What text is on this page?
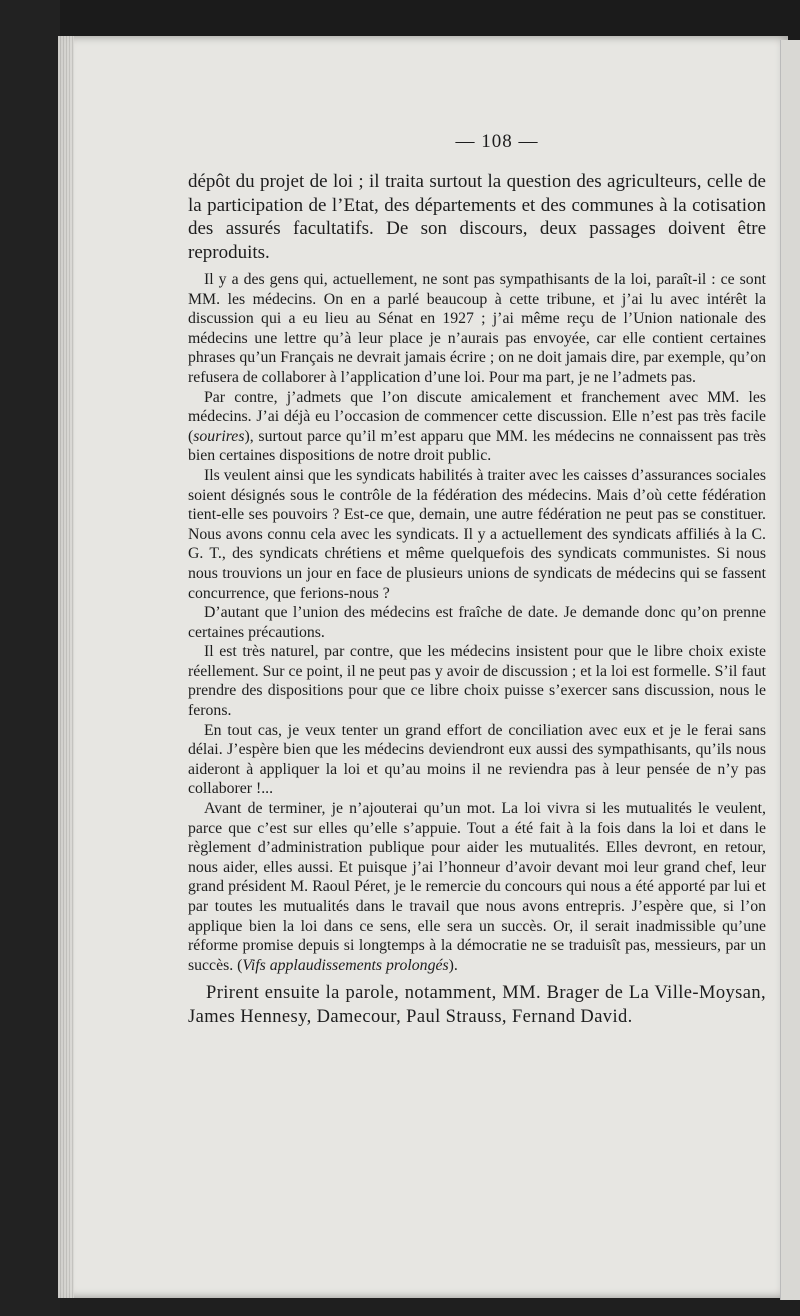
— 108 —

dépôt du projet de loi ; il traita surtout la question des agriculteurs, celle de la participation de l’Etat, des départements et des communes à la cotisation des assurés facultatifs. De son discours, deux passages doivent être reproduits.

Il y a des gens qui, actuellement, ne sont pas sympathisants de la loi, paraît-il : ce sont MM. les médecins. On en a parlé beaucoup à cette tribune, et j’ai lu avec intérêt la discussion qui a eu lieu au Sénat en 1927 ; j’ai même reçu de l’Union nationale des médecins une lettre qu’à leur place je n’aurais pas envoyée, car elle contient certaines phrases qu’un Français ne devrait jamais écrire ; on ne doit jamais dire, par exemple, qu’on refusera de collaborer à l’application d’une loi. Pour ma part, je ne l’admets pas.

Par contre, j’admets que l’on discute amicalement et franchement avec MM. les médecins. J’ai déjà eu l’occasion de commencer cette discussion. Elle n’est pas très facile (sourires), surtout parce qu’il m’est apparu que MM. les médecins ne connaissent pas très bien certaines dispositions de notre droit public.

Ils veulent ainsi que les syndicats habilités à traiter avec les caisses d’assurances sociales soient désignés sous le contrôle de la fédération des médecins. Mais d’où cette fédération tient-elle ses pouvoirs ? Est-ce que, demain, une autre fédération ne peut pas se constituer. Nous avons connu cela avec les syndicats. Il y a actuellement des syndicats affiliés à la C. G. T., des syndicats chrétiens et même quelquefois des syndicats communistes. Si nous nous trouvions un jour en face de plusieurs unions de syndicats de médecins qui se fassent concurrence, que ferions-nous ?

D’autant que l’union des médecins est fraîche de date. Je demande donc qu’on prenne certaines précautions.

Il est très naturel, par contre, que les médecins insistent pour que le libre choix existe réellement. Sur ce point, il ne peut pas y avoir de discussion ; et la loi est formelle. S’il faut prendre des dispositions pour que ce libre choix puisse s’exercer sans discussion, nous le ferons.

En tout cas, je veux tenter un grand effort de conciliation avec eux et je le ferai sans délai. J’espère bien que les médecins deviendront eux aussi des sympathisants, qu’ils nous aideront à appliquer la loi et qu’au moins il ne reviendra pas à leur pensée de n’y pas collaborer !...

Avant de terminer, je n’ajouterai qu’un mot. La loi vivra si les mutualités le veulent, parce que c’est sur elles qu’elle s’appuie. Tout a été fait à la fois dans la loi et dans le règlement d’administration publique pour aider les mutualités. Elles devront, en retour, nous aider, elles aussi. Et puisque j’ai l’honneur d’avoir devant moi leur grand chef, leur grand président M. Raoul Péret, je le remercie du concours qui nous a été apporté par lui et par toutes les mutualités dans le travail que nous avons entrepris. J’espère que, si l’on applique bien la loi dans ce sens, elle sera un succès. Or, il serait inadmissible qu’une réforme promise depuis si longtemps à la démocratie ne se traduisît pas, messieurs, par un succès. (Vifs applaudissements prolongés).

Prirent ensuite la parole, notamment, MM. Brager de La Ville-Moysan, James Hennesy, Damecour, Paul Strauss, Fernand David.
